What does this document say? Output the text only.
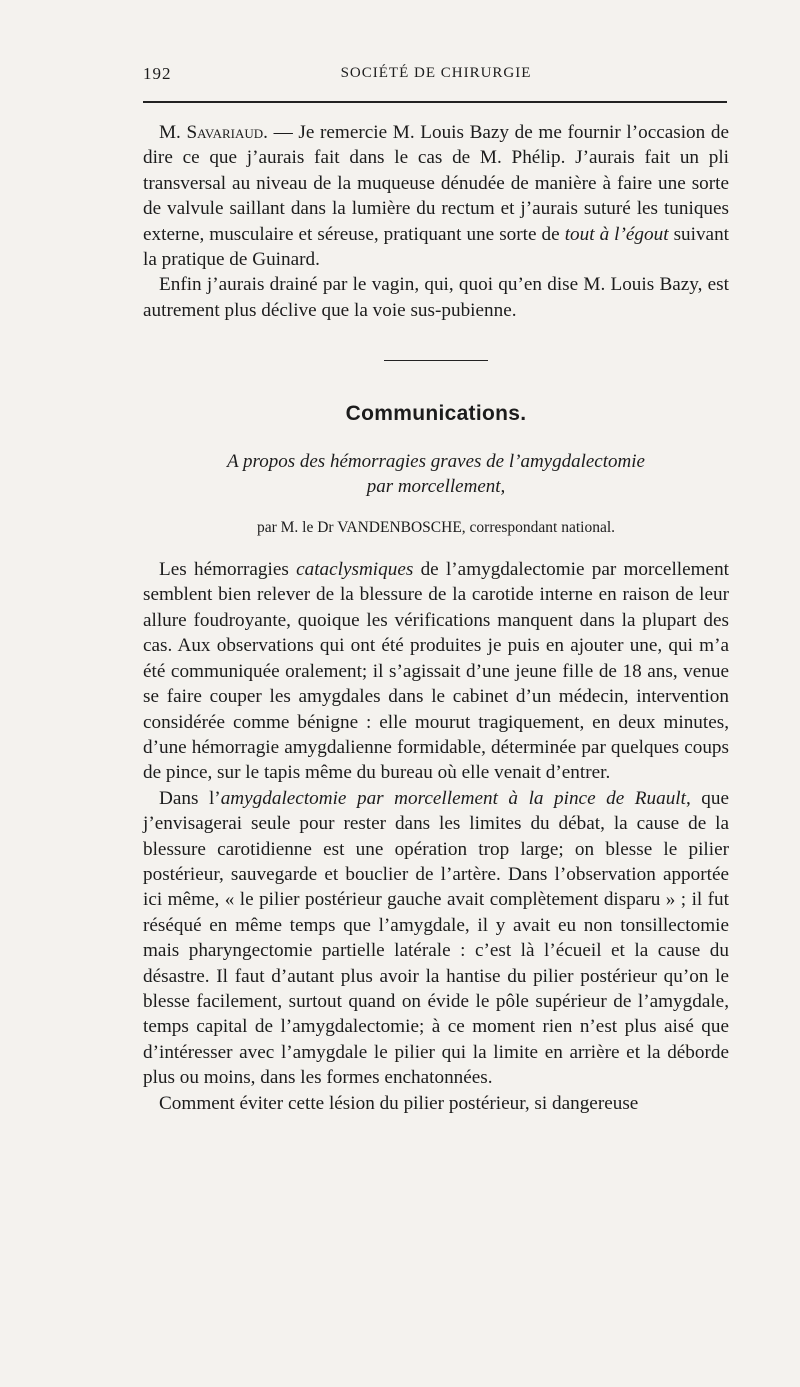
192	SOCIÉTÉ DE CHIRURGIE

M. Savariaud. — Je remercie M. Louis Bazy de me fournir l’occasion de dire ce que j’aurais fait dans le cas de M. Phélip. J’aurais fait un pli transversal au niveau de la muqueuse dénudée de manière à faire une sorte de valvule saillant dans la lumière du rectum et j’aurais suturé les tuniques externe, musculaire et séreuse, pratiquant une sorte de tout à l’égout suivant la pratique de Guinard.

Enfin j’aurais drainé par le vagin, qui, quoi qu’en dise M. Louis Bazy, est autrement plus déclive que la voie sus-pubienne.

Communications.
A propos des hémorragies graves de l’amygdalectomie
par morcellement,
par M. le Dr VANDENBOSCHE, correspondant national.

Les hémorragies cataclysmiques de l’amygdalectomie par morcellement semblent bien relever de la blessure de la carotide interne en raison de leur allure foudroyante, quoique les vérifications manquent dans la plupart des cas. Aux observations qui ont été produites je puis en ajouter une, qui m’a été communiquée oralement; il s’agissait d’une jeune fille de 18 ans, venue se faire couper les amygdales dans le cabinet d’un médecin, intervention considérée comme bénigne : elle mourut tragiquement, en deux minutes, d’une hémorragie amygdalienne formidable, déterminée par quelques coups de pince, sur le tapis même du bureau où elle venait d’entrer.

Dans l’amygdalectomie par morcellement à la pince de Ruault, que j’envisagerai seule pour rester dans les limites du débat, la cause de la blessure carotidienne est une opération trop large; on blesse le pilier postérieur, sauvegarde et bouclier de l’artère. Dans l’observation apportée ici même, « le pilier postérieur gauche avait complètement disparu » ; il fut réséqué en même temps que l’amygdale, il y avait eu non tonsillectomie mais pharyngectomie partielle latérale : c’est là l’écueil et la cause du désastre. Il faut d’autant plus avoir la hantise du pilier postérieur qu’on le blesse facilement, surtout quand on évide le pôle supérieur de l’amygdale, temps capital de l’amygdalectomie; à ce moment rien n’est plus aisé que d’intéresser avec l’amygdale le pilier qui la limite en arrière et la déborde plus ou moins, dans les formes enchatonnées.

Comment éviter cette lésion du pilier postérieur, si dangereuse
